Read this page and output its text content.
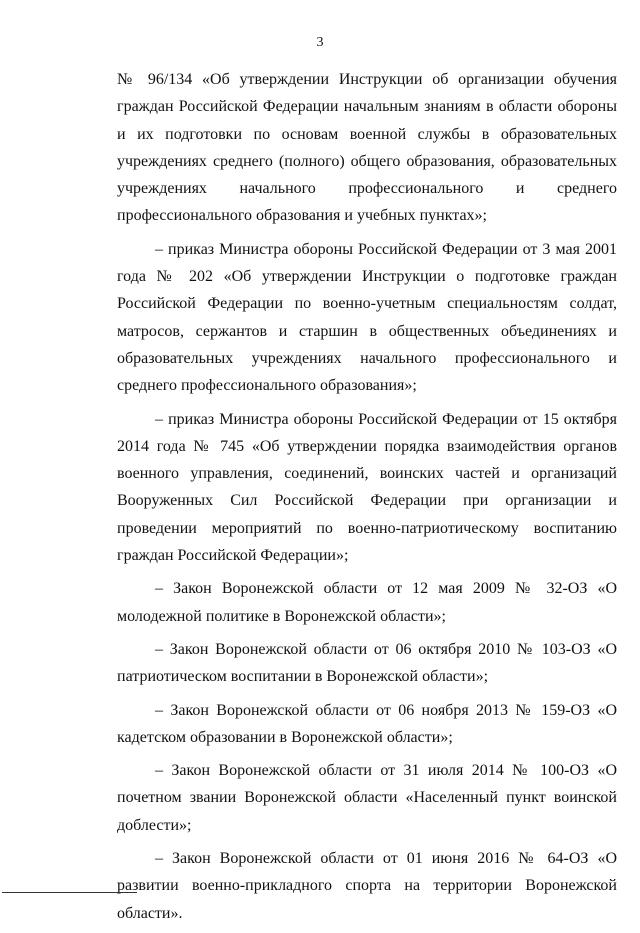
3

№ 96/134 «Об утверждении Инструкции об организации обучения граждан Российской Федерации начальным знаниям в области обороны и их подготовки по основам военной службы в образовательных учреждениях среднего (полного) общего образования, образовательных учреждениях начального профессионального и среднего профессионального образования и учебных пунктах»;

– приказ Министра обороны Российской Федерации от 3 мая 2001 года № 202 «Об утверждении Инструкции о подготовке граждан Российской Федерации по военно-учетным специальностям солдат, матросов, сержантов и старшин в общественных объединениях и образовательных учреждениях начального профессионального и среднего профессионального образования»;

– приказ Министра обороны Российской Федерации от 15 октября 2014 года № 745 «Об утверждении порядка взаимодействия органов военного управления, соединений, воинских частей и организаций Вооруженных Сил Российской Федерации при организации и проведении мероприятий по военно-патриотическому воспитанию граждан Российской Федерации»;

– Закон Воронежской области от 12 мая 2009 № 32-ОЗ «О молодежной политике в Воронежской области»;

– Закон Воронежской области от 06 октября 2010 № 103-ОЗ «О патриотическом воспитании в Воронежской области»;

– Закон Воронежской области от 06 ноября 2013 № 159-ОЗ «О кадетском образовании в Воронежской области»;

– Закон Воронежской области от 31 июля 2014 № 100-ОЗ «О почетном звании Воронежской области «Населенный пункт воинской доблести»;

– Закон Воронежской области от 01 июня 2016 № 64-ОЗ «О развитии военно-прикладного спорта на территории Воронежской области».
